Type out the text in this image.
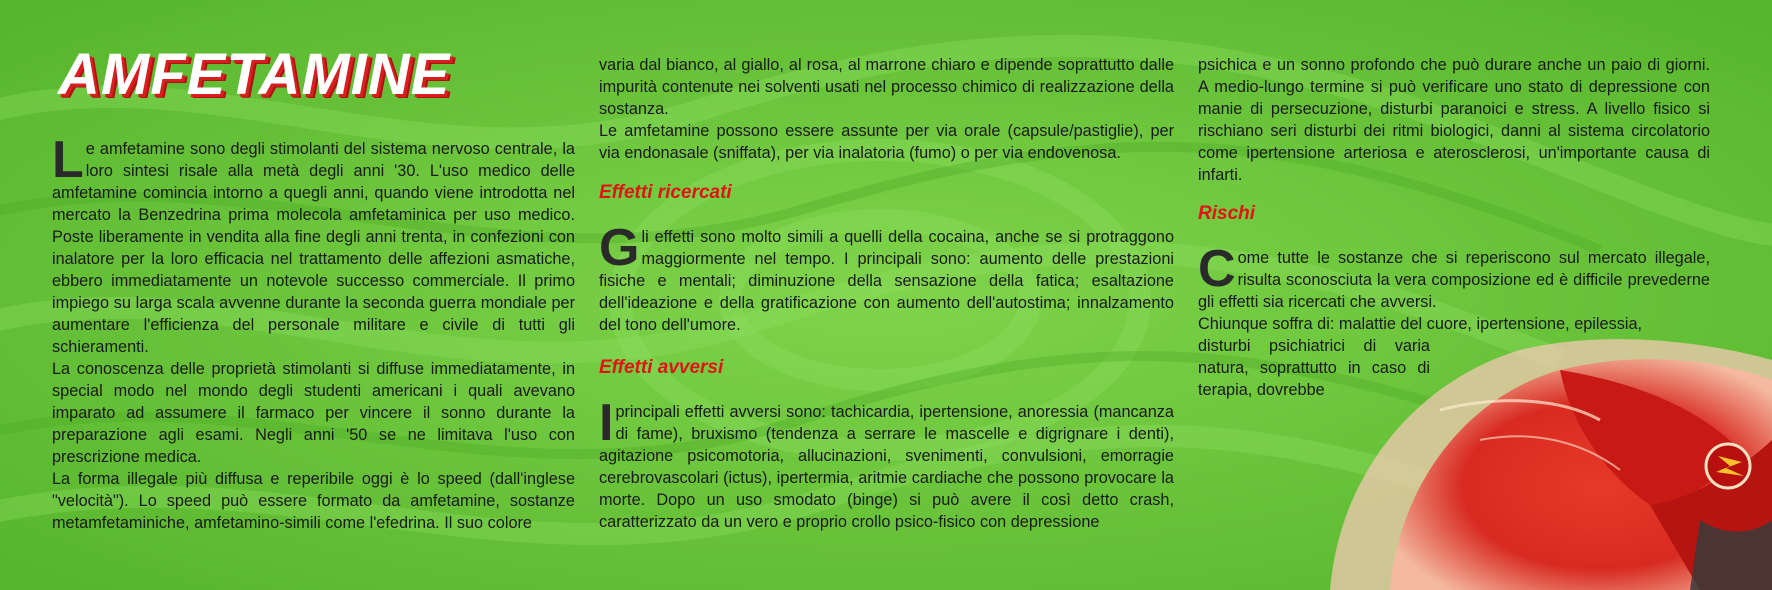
AMFETAMINE

Le amfetamine sono degli stimolanti del sistema nervoso centrale, la loro sintesi risale alla metà degli anni '30. L'uso medico delle amfetamine comincia intorno a quegli anni, quando viene introdotta nel mercato la Benzedrina prima molecola amfetaminica per uso medico. Poste liberamente in vendita alla fine degli anni trenta, in confezioni con inalatore per la loro efficacia nel trattamento delle affezioni asmatiche, ebbero immediatamente un notevole successo commerciale. Il primo impiego su larga scala avvenne durante la seconda guerra mondiale per aumentare l'efficienza del personale militare e civile di tutti gli schieramenti.

La conoscenza delle proprietà stimolanti si diffuse immediatamente, in special modo nel mondo degli studenti americani i quali avevano imparato ad assumere il farmaco per vincere il sonno durante la preparazione agli esami. Negli anni '50 se ne limitava l'uso con prescrizione medica.

La forma illegale più diffusa e reperibile oggi è lo speed (dall'inglese "velocità"). Lo speed può essere formato da amfetamine, sostanze metamfetaminiche, amfetamino-simili come l'efedrina. Il suo colore

varia dal bianco, al giallo, al rosa, al marrone chiaro e dipende soprattutto dalle impurità contenute nei solventi usati nel processo chimico di realizzazione della sostanza.

Le amfetamine possono essere assunte per via orale (capsule/pastiglie), per via endonasale (sniffata), per via inalatoria (fumo) o per via endovenosa.

Effetti ricercati

Gli effetti sono molto simili a quelli della cocaina, anche se si protraggono maggiormente nel tempo. I principali sono: aumento delle prestazioni fisiche e mentali; diminuzione della sensazione della fatica; esaltazione dell'ideazione e della gratificazione con aumento dell'autostima; innalzamento del tono dell'umore.

Effetti avversi

I principali effetti avversi sono: tachicardia, ipertensione, anoressia (mancanza di fame), bruxismo (tendenza a serrare le mascelle e digrignare i denti), agitazione psicomotoria, allucinazioni, svenimenti, convulsioni, emorragie cerebrovascolari (ictus), ipertermia, aritmie cardiache che possono provocare la morte. Dopo un uso smodato (binge) si può avere il così detto crash, caratterizzato da un vero e proprio crollo psico-fisico con depressione

psichica e un sonno profondo che può durare anche un paio di giorni. A medio-lungo termine si può verificare uno stato di depressione con manie di persecuzione, disturbi paranoici e stress. A livello fisico si rischiano seri disturbi dei ritmi biologici, danni al sistema circolatorio come ipertensione arteriosa e aterosclerosi, un'importante causa di infarti.

Rischi

Come tutte le sostanze che si reperiscono sul mercato illegale, risulta sconosciuta la vera composizione ed è difficile prevederne gli effetti sia ricercati che avversi.

Chiunque soffra di: malattie del cuore, ipertensione, epilessia,

disturbi psichiatrici di varia natura, soprattutto in caso di terapia, dovrebbe
